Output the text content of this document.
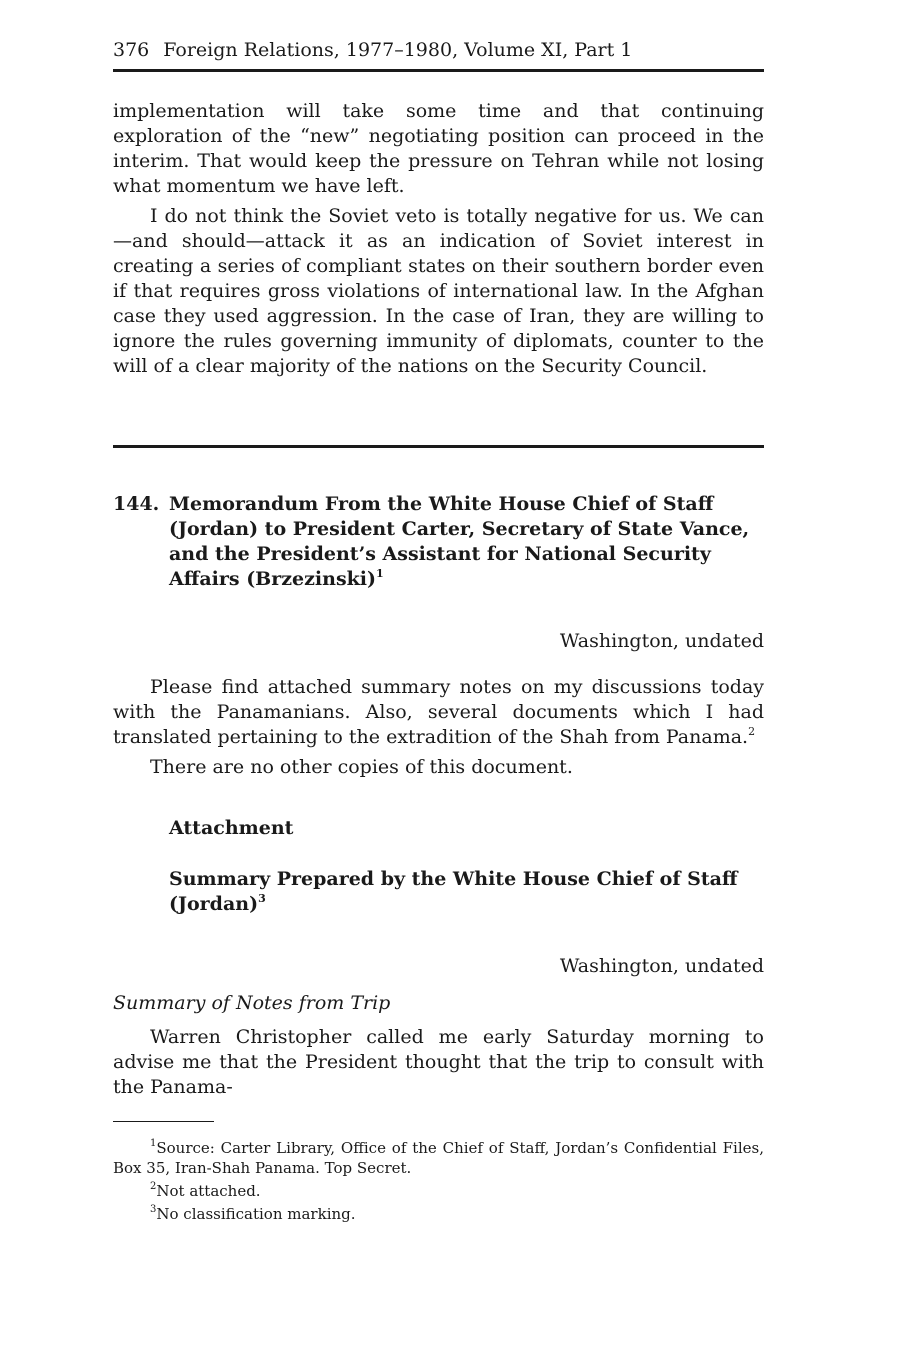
376 Foreign Relations, 1977–1980, Volume XI, Part 1

implementation will take some time and that continuing exploration of the “new” negotiating position can proceed in the interim. That would keep the pressure on Tehran while not losing what momentum we have left.

I do not think the Soviet veto is totally negative for us. We can—and should—attack it as an indication of Soviet interest in creating a series of compliant states on their southern border even if that requires gross violations of international law. In the Afghan case they used aggression. In the case of Iran, they are willing to ignore the rules governing immunity of diplomats, counter to the will of a clear majority of the nations on the Security Council.

144. Memorandum From the White House Chief of Staff (Jordan) to President Carter, Secretary of State Vance, and the President’s Assistant for National Security Affairs (Brzezinski)$^1$

Washington, undated

Please find attached summary notes on my discussions today with the Panamanians. Also, several documents which I had translated pertaining to the extradition of the Shah from Panama.$^2$

There are no other copies of this document.

Attachment

Summary Prepared by the White House Chief of Staff (Jordan)$^3$

Washington, undated
Summary of Notes from Trip

Warren Christopher called me early Saturday morning to advise me that the President thought that the trip to consult with the Panama-

$^1$Source: Carter Library, Office of the Chief of Staff, Jordan’s Confidential Files, Box 35, Iran-Shah Panama. Top Secret.

$^2$Not attached.

$^3$No classification marking.
